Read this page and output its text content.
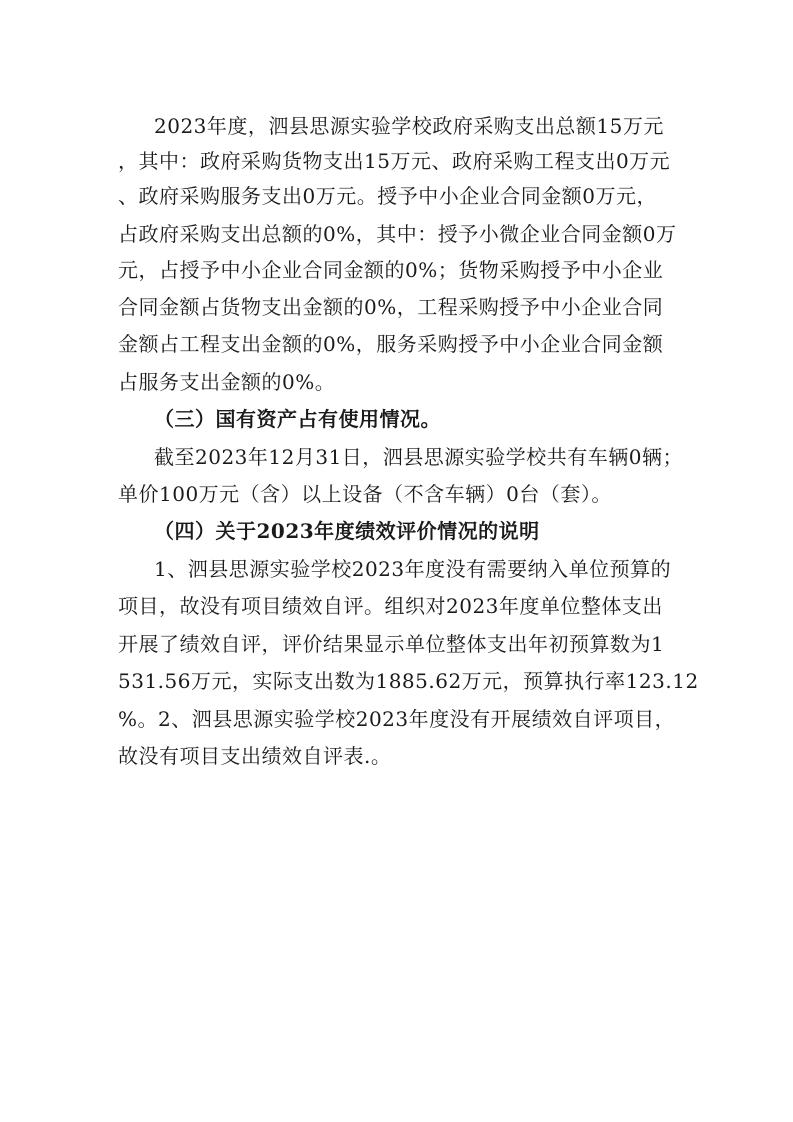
2023年度，泗县思源实验学校政府采购支出总额15万元
，其中：政府采购货物支出15万元、政府采购工程支出0万元
、政府采购服务支出0万元。授予中小企业合同金额0万元，
占政府采购支出总额的0%，其中：授予小微企业合同金额0万
元，占授予中小企业合同金额的0%；货物采购授予中小企业
合同金额占货物支出金额的0%，工程采购授予中小企业合同
金额占工程支出金额的0%，服务采购授予中小企业合同金额
占服务支出金额的0%。
（三）国有资产占有使用情况。
截至2023年12月31日，泗县思源实验学校共有车辆0辆；
单价100万元（含）以上设备（不含车辆）0台（套）。
（四）关于2023年度绩效评价情况的说明
1、泗县思源实验学校2023年度没有需要纳入单位预算的
项目，故没有项目绩效自评。组织对2023年度单位整体支出
开展了绩效自评，评价结果显示单位整体支出年初预算数为1
531.56万元，实际支出数为1885.62万元，预算执行率123.12
%。2、泗县思源实验学校2023年度没有开展绩效自评项目，
故没有项目支出绩效自评表.。
